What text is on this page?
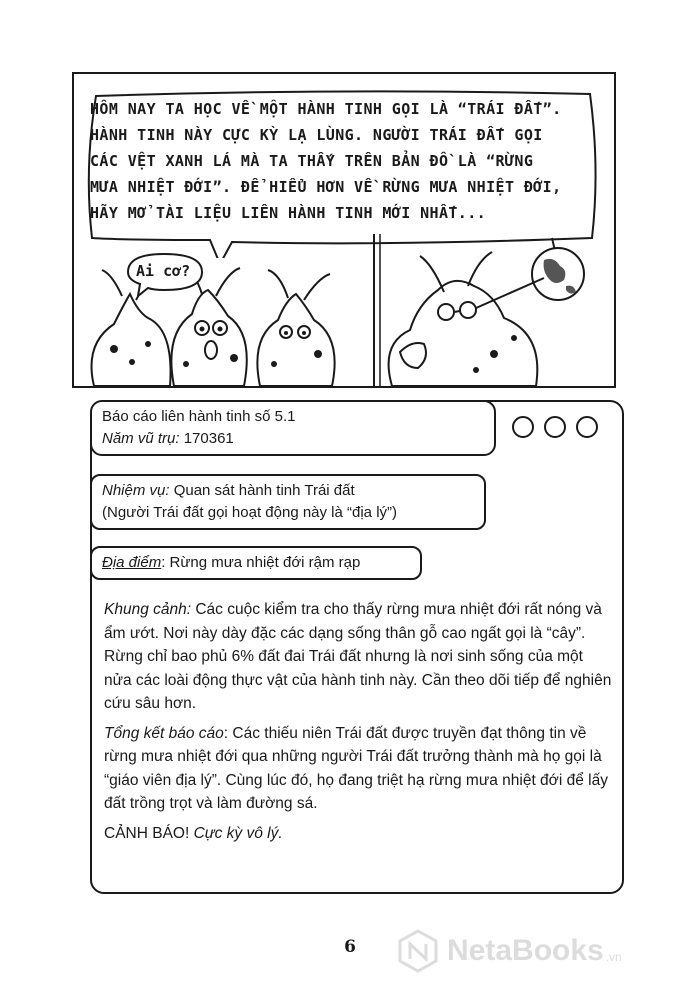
HÔM NAY TA HỌC VỀ MỘT HÀNH TINH GỌI LÀ “TRÁI ĐẤT”.
HÀNH TINH NÀY CỰC KỲ LẠ LÙNG. NGƯỜI TRÁI ĐẤT GỌI
CÁC VỆT XANH LÁ MÀ TA THẤY TRÊN BẢN ĐỒ LÀ “RỪNG
MƯA NHIỆT ĐỚI”. ĐỂ HIỂU HƠN VỀ RỪNG MƯA NHIỆT ĐỚI,
HÃY MỞ TÀI LIỆU LIÊN HÀNH TINH MỚI NHẤT...
Ai cơ?
Báo cáo liên hành tinh số 5.1
Năm vũ trụ: 170361
Nhiệm vụ: Quan sát hành tinh Trái đất
(Người Trái đất gọi hoạt động này là “địa lý”)
Địa điểm: Rừng mưa nhiệt đới rậm rạp

Khung cảnh: Các cuộc kiểm tra cho thấy rừng mưa nhiệt đới rất nóng và ẩm ướt. Nơi này dày đặc các dạng sống thân gỗ cao ngất gọi là “cây”. Rừng chỉ bao phủ 6% đất đai Trái đất nhưng là nơi sinh sống của một nửa các loài động thực vật của hành tinh này. Cần theo dõi tiếp để nghiên cứu sâu hơn.

Tổng kết báo cáo: Các thiếu niên Trái đất được truyền đạt thông tin về rừng mưa nhiệt đới qua những người Trái đất trưởng thành mà họ gọi là “giáo viên địa lý”. Cùng lúc đó, họ đang triệt hạ rừng mưa nhiệt đới để lấy đất trồng trọt và làm đường sá.

CẢNH BÁO! Cực kỳ vô lý.

6	NetaBooks .vn
